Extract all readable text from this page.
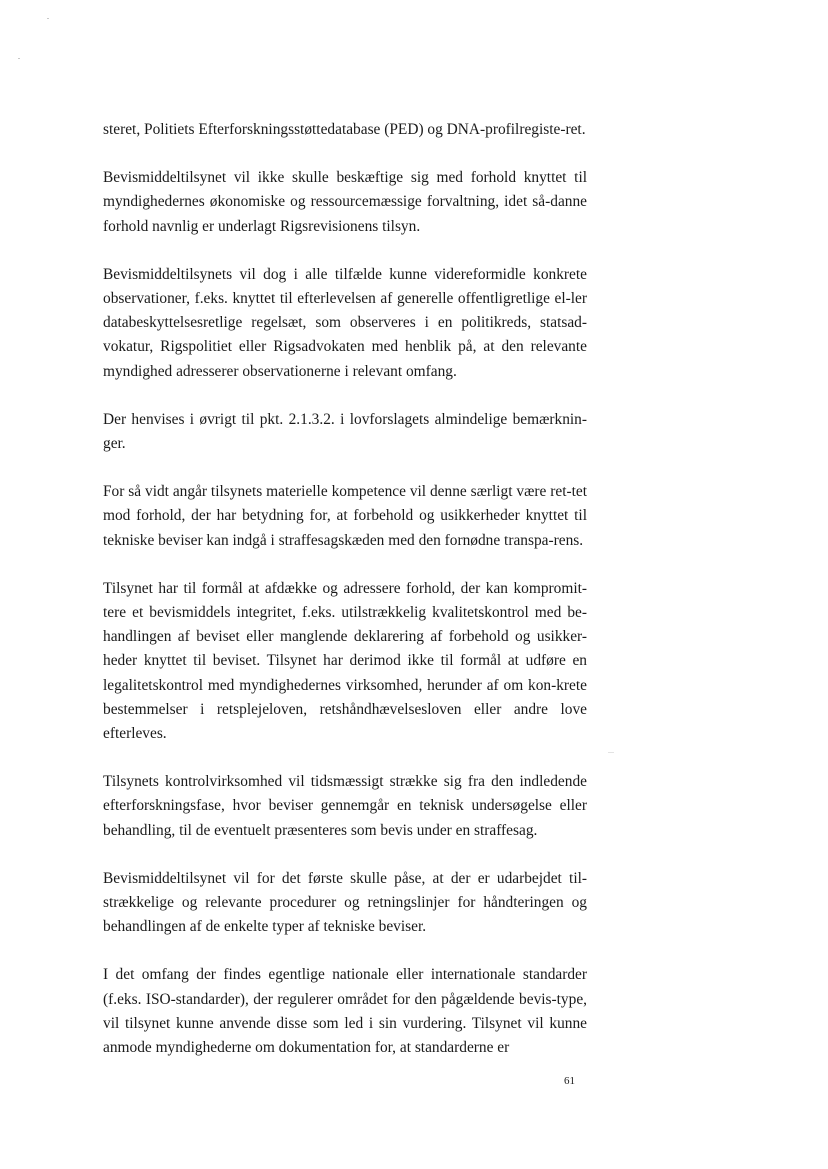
steret, Politiets Efterforskningsstøttedatabase (PED) og DNA-profilregiste-ret.

Bevismiddeltilsynet vil ikke skulle beskæftige sig med forhold knyttet til myndighedernes økonomiske og ressourcemæssige forvaltning, idet så-danne forhold navnlig er underlagt Rigsrevisionens tilsyn.

Bevismiddeltilsynets vil dog i alle tilfælde kunne videreformidle konkrete observationer, f.eks. knyttet til efterlevelsen af generelle offentligretlige el-ler databeskyttelsesretlige regelsæt, som observeres i en politikreds, statsad-vokatur, Rigspolitiet eller Rigsadvokaten med henblik på, at den relevante myndighed adresserer observationerne i relevant omfang.

Der henvises i øvrigt til pkt. 2.1.3.2. i lovforslagets almindelige bemærknin-ger.

For så vidt angår tilsynets materielle kompetence vil denne særligt være ret-tet mod forhold, der har betydning for, at forbehold og usikkerheder knyttet til tekniske beviser kan indgå i straffesagskæden med den fornødne transpa-rens.

Tilsynet har til formål at afdække og adressere forhold, der kan kompromit-tere et bevismiddels integritet, f.eks. utilstrækkelig kvalitetskontrol med be-handlingen af beviset eller manglende deklarering af forbehold og usikker-heder knyttet til beviset. Tilsynet har derimod ikke til formål at udføre en legalitetskontrol med myndighedernes virksomhed, herunder af om kon-krete bestemmelser i retsplejeloven, retshåndhævelsesloven eller andre love efterleves.

Tilsynets kontrolvirksomhed vil tidsmæssigt strække sig fra den indledende efterforskningsfase, hvor beviser gennemgår en teknisk undersøgelse eller behandling, til de eventuelt præsenteres som bevis under en straffesag.

Bevismiddeltilsynet vil for det første skulle påse, at der er udarbejdet til-strækkelige og relevante procedurer og retningslinjer for håndteringen og behandlingen af de enkelte typer af tekniske beviser.

I det omfang der findes egentlige nationale eller internationale standarder (f.eks. ISO-standarder), der regulerer området for den pågældende bevis-type, vil tilsynet kunne anvende disse som led i sin vurdering. Tilsynet vil kunne anmode myndighederne om dokumentation for, at standarderne er

61
